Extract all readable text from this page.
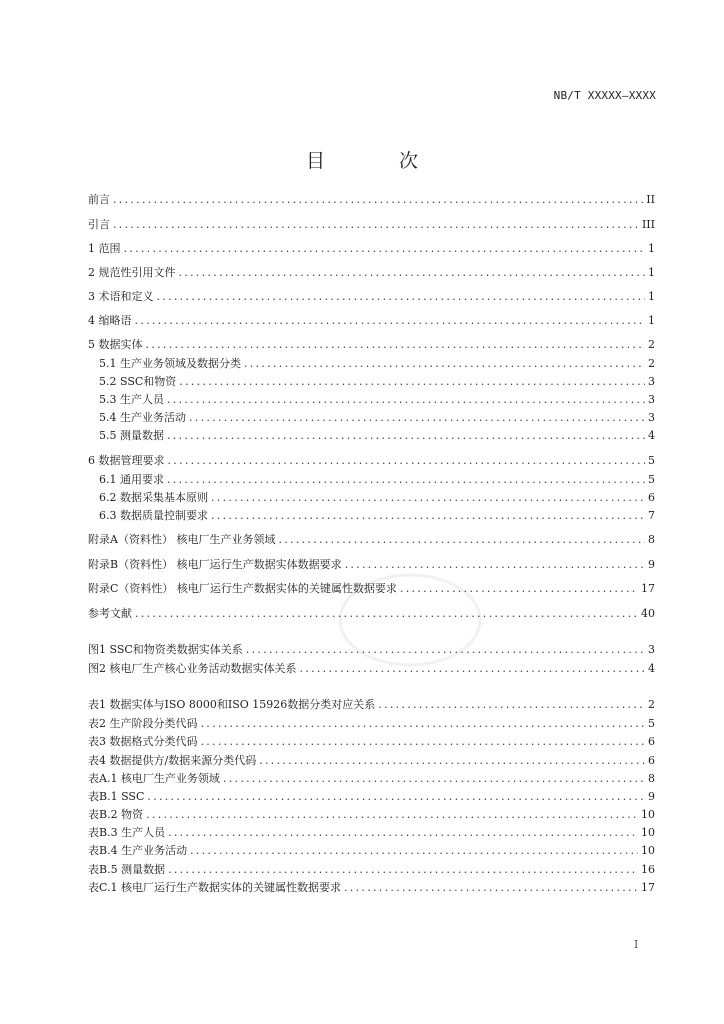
NB/T XXXXX—XXXX
目 次
前言 .....	II
引言 .....	III
1 范围 .....	1
2 规范性引用文件 .....	1
3 术语和定义 .....	1
4 缩略语 .....	1
5 数据实体 .....	2
5.1 生产业务领域及数据分类 .....	2
5.2 SSC和物资 .....	3
5.3 生产人员 .....	3
5.4 生产业务活动 .....	3
5.5 测量数据 .....	4
6 数据管理要求 .....	5
6.1 通用要求 .....	5
6.2 数据采集基本原则 .....	6
6.3 数据质量控制要求 .....	7
附录A（资料性） 核电厂生产业务领域 .....	8
附录B（资料性） 核电厂运行生产数据实体数据要求 .....	9
附录C（资料性） 核电厂运行生产数据实体的关键属性数据要求 .....	17
参考文献 .....	40
图1 SSC和物资类数据实体关系 .....	3
图2 核电厂生产核心业务活动数据实体关系 .....	4
表1 数据实体与ISO 8000和ISO 15926数据分类对应关系 .....	2
表2 生产阶段分类代码 .....	5
表3 数据格式分类代码 .....	6
表4 数据提供方/数据来源分类代码 .....	6
表A.1 核电厂生产业务领域 .....	8
表B.1 SSC .....	9
表B.2 物资 .....	10
表B.3 生产人员 .....	10
表B.4 生产业务活动 .....	10
表B.5 测量数据 .....	16
表C.1 核电厂运行生产数据实体的关键属性数据要求 .....	17
I
